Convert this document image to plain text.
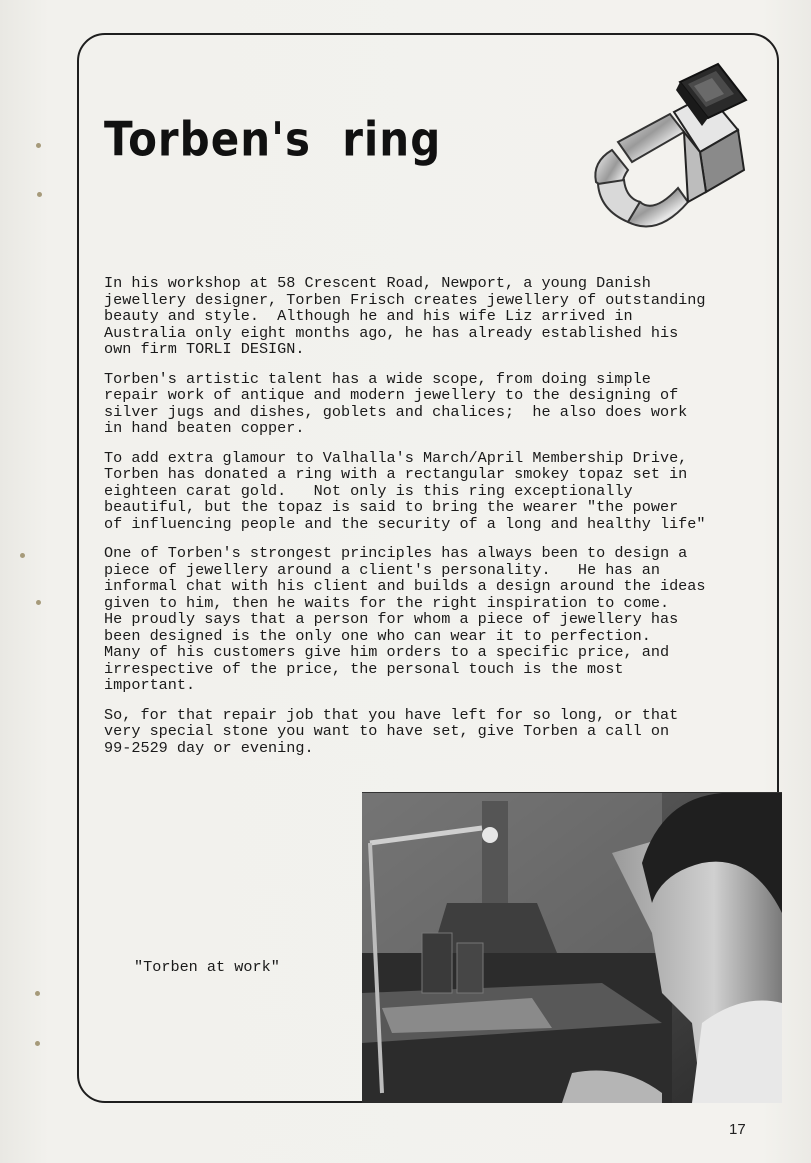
Torben's  ring

In his workshop at 58 Crescent Road, Newport, a young Danish
jewellery designer, Torben Frisch creates jewellery of outstanding
beauty and style.  Although he and his wife Liz arrived in
Australia only eight months ago, he has already established his
own firm TORLI DESIGN.

Torben's artistic talent has a wide scope, from doing simple
repair work of antique and modern jewellery to the designing of
silver jugs and dishes, goblets and chalices;  he also does work
in hand beaten copper.

To add extra glamour to Valhalla's March/April Membership Drive,
Torben has donated a ring with a rectangular smokey topaz set in
eighteen carat gold.   Not only is this ring exceptionally
beautiful, but the topaz is said to bring the wearer "the power
of influencing people and the security of a long and healthy life"

One of Torben's strongest principles has always been to design a
piece of jewellery around a client's personality.   He has an
informal chat with his client and builds a design around the ideas
given to him, then he waits for the right inspiration to come.
He proudly says that a person for whom a piece of jewellery has
been designed is the only one who can wear it to perfection.
Many of his customers give him orders to a specific price, and
irrespective of the price, the personal touch is the most
important.

So, for that repair job that you have left for so long, or that
very special stone you want to have set, give Torben a call on
99-2529 day or evening.

"Torben at work"

17
